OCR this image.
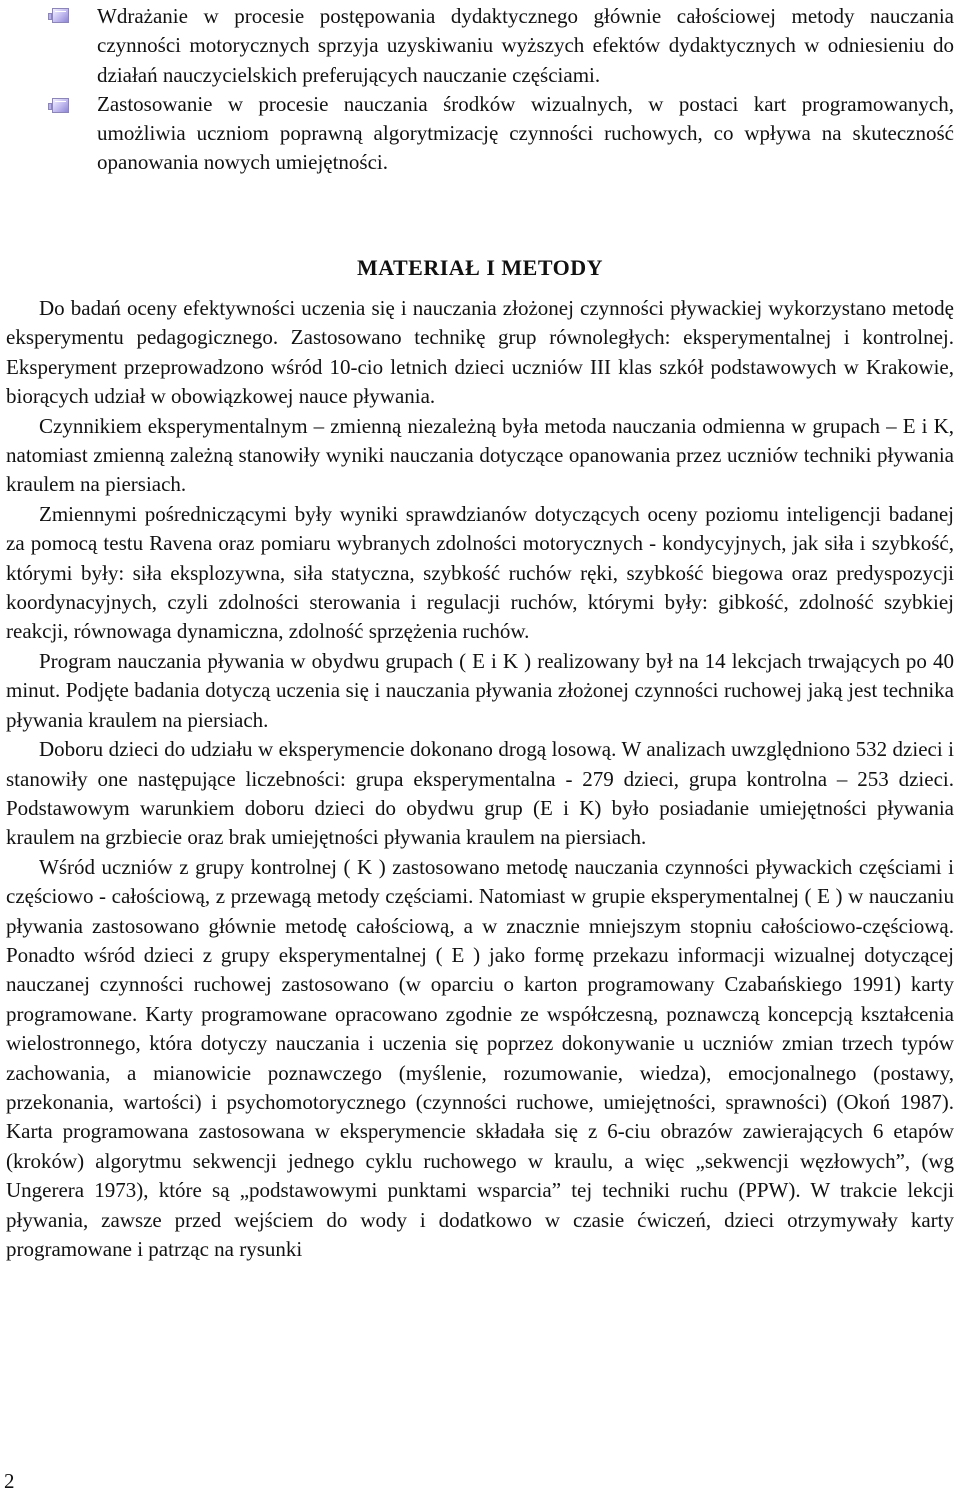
Wdrażanie w procesie postępowania dydaktycznego głównie całościowej metody nauczania czynności motorycznych sprzyja uzyskiwaniu wyższych efektów dydaktycznych w odniesieniu do działań nauczycielskich preferujących nauczanie częściami.
Zastosowanie w procesie nauczania środków wizualnych, w postaci kart programowanych, umożliwia uczniom poprawną algorytmizację czynności ruchowych, co wpływa na skuteczność opanowania nowych umiejętności.
MATERIAŁ I METODY

Do badań oceny efektywności uczenia się i nauczania złożonej czynności pływackiej wykorzystano metodę eksperymentu pedagogicznego. Zastosowano technikę grup równoległych: eksperymentalnej i kontrolnej. Eksperyment przeprowadzono wśród 10-cio letnich dzieci uczniów III klas szkół podstawowych w Krakowie, biorących udział w obowiązkowej nauce pływania.

Czynnikiem eksperymentalnym – zmienną niezależną była metoda nauczania odmienna w grupach – E i K, natomiast zmienną zależną stanowiły wyniki nauczania dotyczące opanowania przez uczniów techniki pływania kraulem na piersiach.

Zmiennymi pośredniczącymi były wyniki sprawdzianów dotyczących oceny poziomu inteligencji badanej za pomocą testu Ravena oraz pomiaru wybranych zdolności motorycznych - kondycyjnych, jak siła i szybkość, którymi były: siła eksplozywna, siła statyczna, szybkość ruchów ręki, szybkość biegowa oraz predyspozycji koordynacyjnych, czyli zdolności sterowania i regulacji ruchów, którymi były: gibkość, zdolność szybkiej reakcji, równowaga dynamiczna, zdolność sprzężenia ruchów.

Program nauczania pływania w obydwu grupach ( E i K ) realizowany był na 14 lekcjach trwających po 40 minut. Podjęte badania dotyczą uczenia się i nauczania pływania złożonej czynności ruchowej jaką jest technika pływania kraulem na piersiach.

Doboru dzieci do udziału w eksperymencie dokonano drogą losową. W analizach uwzględniono 532 dzieci i stanowiły one następujące liczebności: grupa eksperymentalna - 279 dzieci, grupa kontrolna – 253 dzieci. Podstawowym warunkiem doboru dzieci do obydwu grup (E i K) było posiadanie umiejętności pływania kraulem na grzbiecie oraz brak umiejętności pływania kraulem na piersiach.

Wśród uczniów z grupy kontrolnej ( K ) zastosowano metodę nauczania czynności pływackich częściami i częściowo - całościową, z przewagą metody częściami. Natomiast w grupie eksperymentalnej ( E ) w nauczaniu pływania zastosowano głównie metodę całościową, a w znacznie mniejszym stopniu całościowo-częściową. Ponadto wśród dzieci z grupy eksperymentalnej ( E ) jako formę przekazu informacji wizualnej dotyczącej nauczanej czynności ruchowej zastosowano (w oparciu o karton programowany Czabańskiego 1991) karty programowane. Karty programowane opracowano zgodnie ze współczesną, poznawczą koncepcją kształcenia wielostronnego, która dotyczy nauczania i uczenia się poprzez dokonywanie u uczniów zmian trzech typów zachowania, a mianowicie poznawczego (myślenie, rozumowanie, wiedza), emocjonalnego (postawy, przekonania, wartości) i psychomotorycznego (czynności ruchowe, umiejętności, sprawności) (Okoń 1987). Karta programowana zastosowana w eksperymencie składała się z 6-ciu obrazów zawierających 6 etapów (kroków) algorytmu sekwencji jednego cyklu ruchowego w kraulu, a więc „sekwencji węzłowych”, (wg Ungerera 1973), które są „podstawowymi punktami wsparcia” tej techniki ruchu (PPW). W trakcie lekcji pływania, zawsze przed wejściem do wody i dodatkowo w czasie ćwiczeń, dzieci otrzymywały karty programowane i patrząc na rysunki

2
